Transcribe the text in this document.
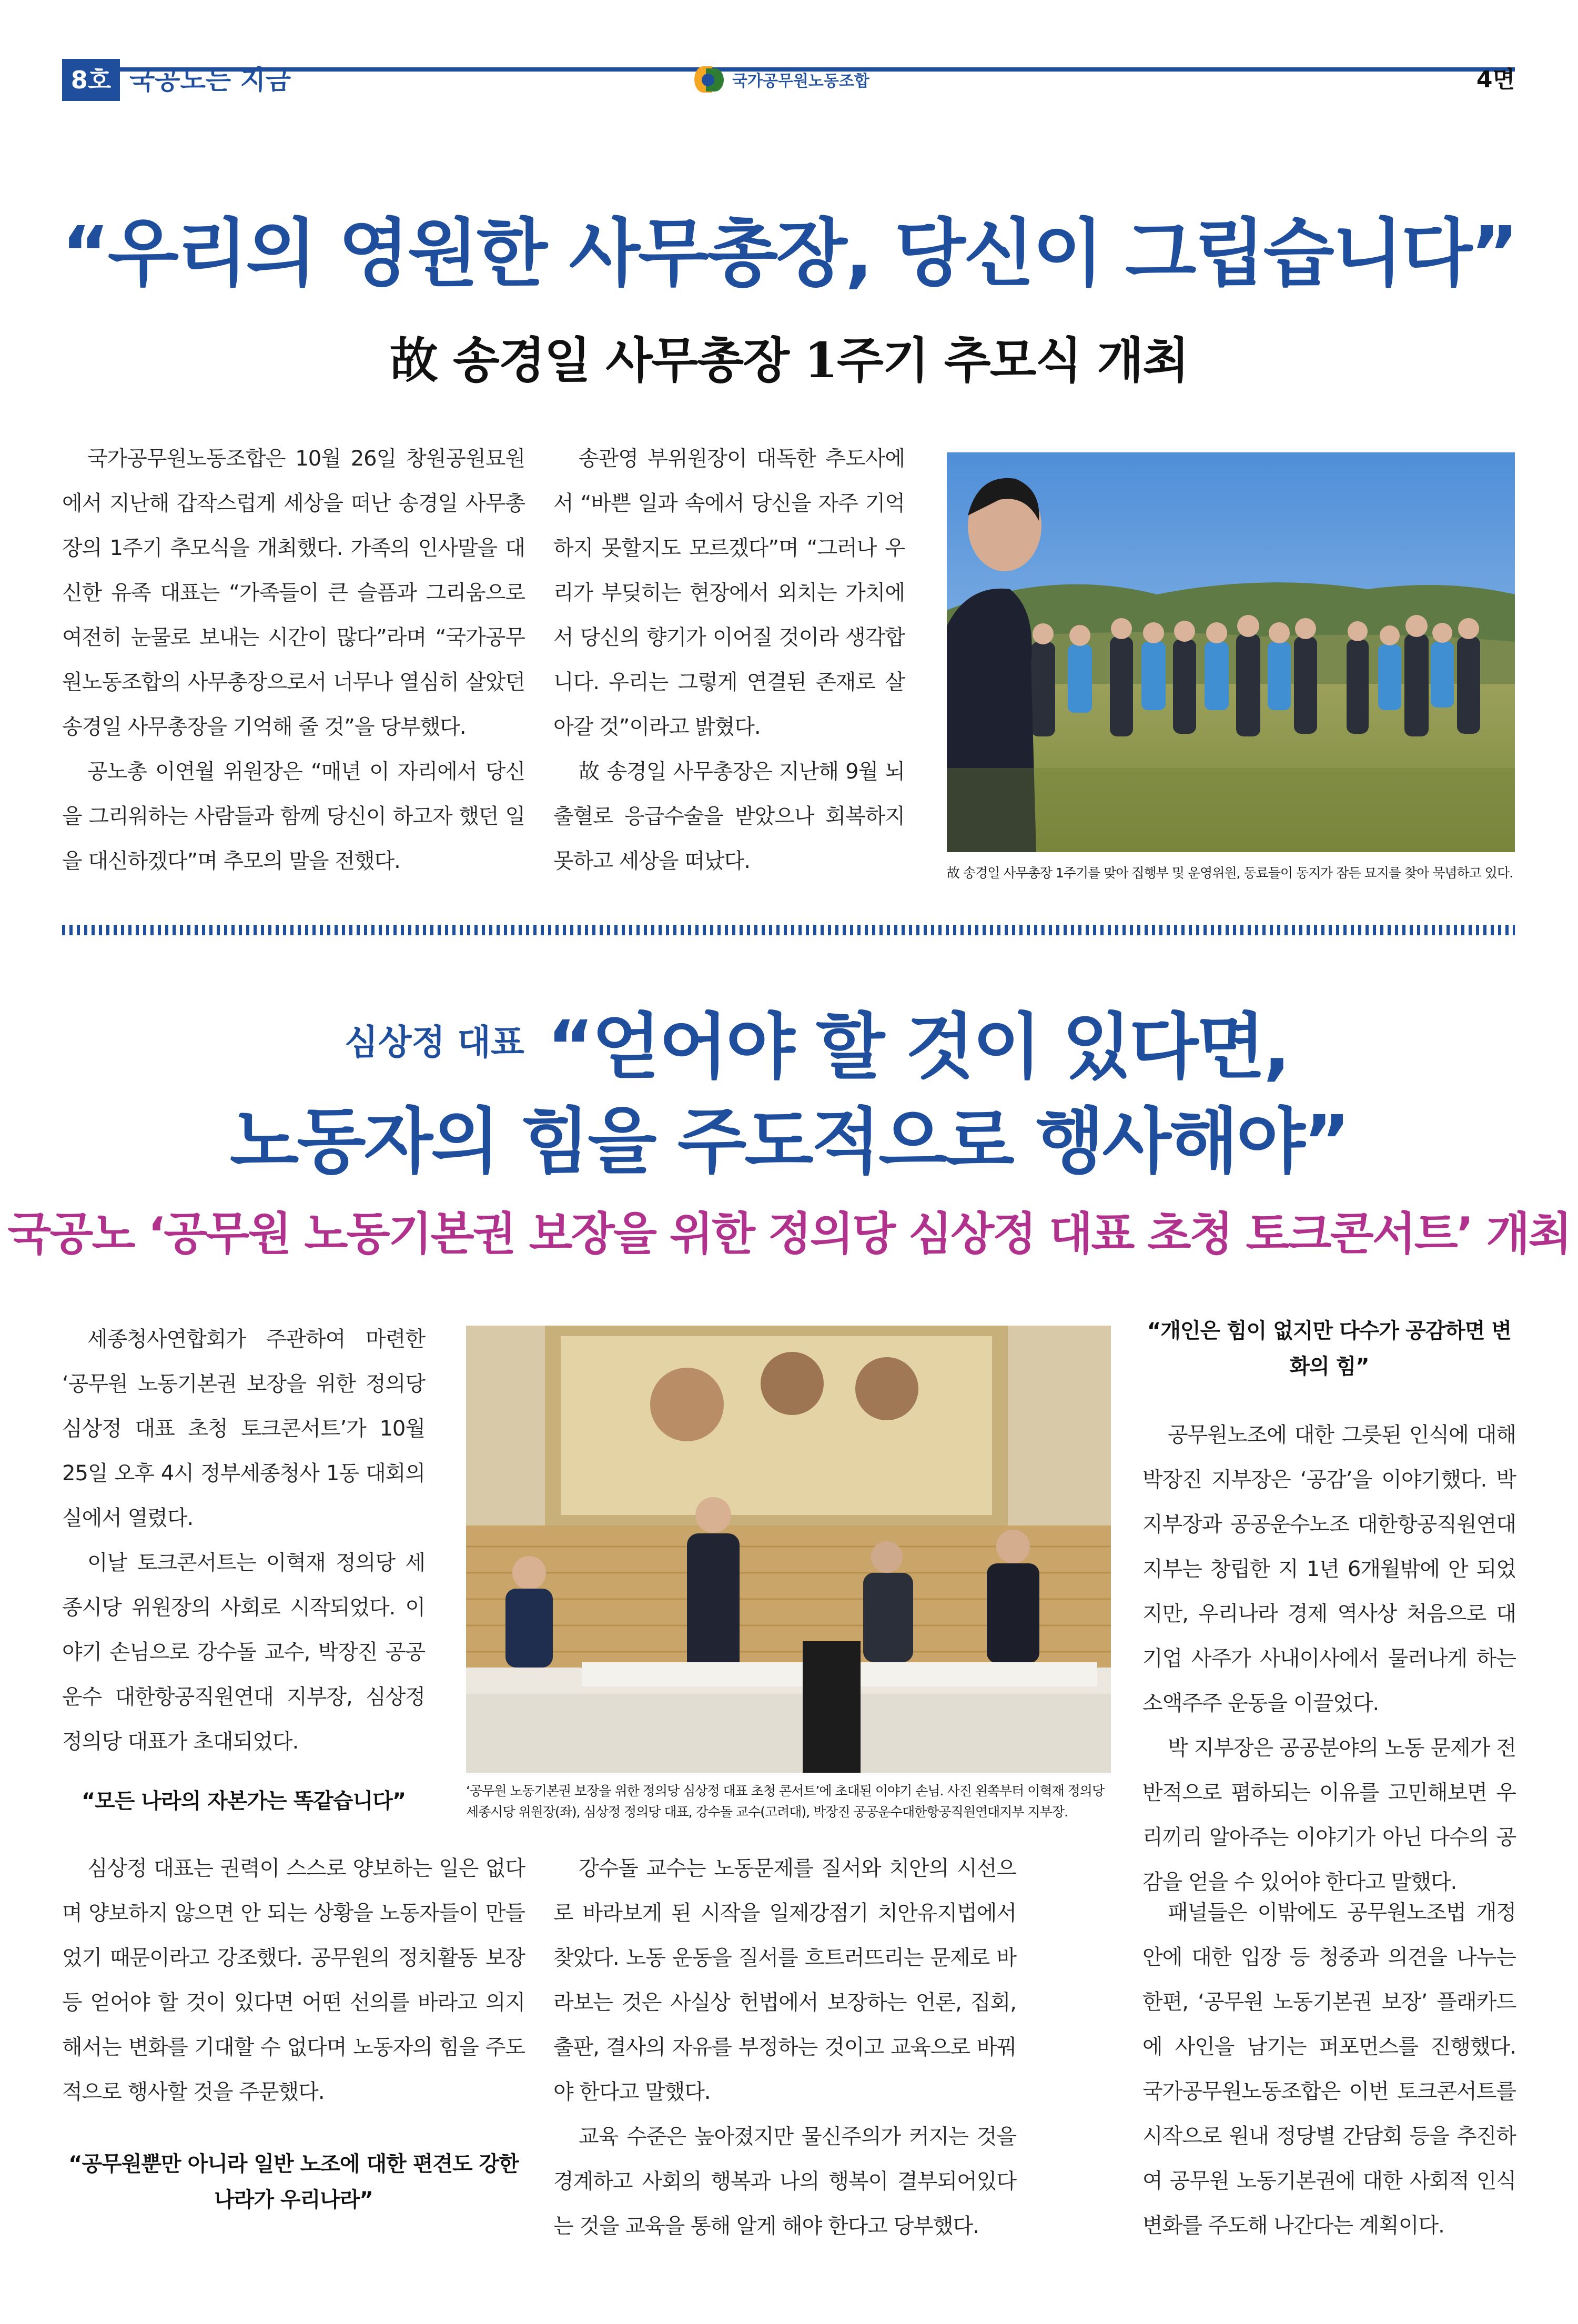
8호 국공노는 지금	국가공무원노동조합	4면
“우리의 영원한 사무총장, 당신이 그립습니다”
故 송경일 사무총장 1주기 추모식 개최

국가공무원노동조합은 10월 26일 창원공원묘원에서 지난해 갑작스럽게 세상을 떠난 송경일 사무총장의 1주기 추모식을 개최했다. 가족의 인사말을 대신한 유족 대표는 “가족들이 큰 슬픔과 그리움으로 여전히 눈물로 보내는 시간이 많다”라며 “국가공무원노동조합의 사무총장으로서 너무나 열심히 살았던 송경일 사무총장을 기억해 줄 것”을 당부했다.

공노총 이연월 위원장은 “매년 이 자리에서 당신을 그리워하는 사람들과 함께 당신이 하고자 했던 일을 대신하겠다”며 추모의 말을 전했다.

송관영 부위원장이 대독한 추도사에서 “바쁜 일과 속에서 당신을 자주 기억하지 못할지도 모르겠다”며 “그러나 우리가 부딪히는 현장에서 외치는 가치에서 당신의 향기가 이어질 것이라 생각합니다. 우리는 그렇게 연결된 존재로 살아갈 것”이라고 밝혔다.

故 송경일 사무총장은 지난해 9월 뇌출혈로 응급수술을 받았으나 회복하지 못하고 세상을 떠났다.	故 송경일 사무총장 1주기를 맞아 집행부 및 운영위원, 동료들이 동지가 잠든 묘지를 찾아 묵념하고 있다.
심상정 대표 “얻어야 할 것이 있다면,
노동자의 힘을 주도적으로 행사해야”
국공노 ‘공무원 노동기본권 보장을 위한 정의당 심상정 대표 초청 토크콘서트’ 개최

세종청사연합회가 주관하여 마련한 ‘공무원 노동기본권 보장을 위한 정의당 심상정 대표 초청 토크콘서트’가 10월 25일 오후 4시 정부세종청사 1동 대회의실에서 열렸다.

이날 토크콘서트는 이혁재 정의당 세종시당 위원장의 사회로 시작되었다. 이야기 손님으로 강수돌 교수, 박장진 공공운수 대한항공직원연대 지부장, 심상정 정의당 대표가 초대되었다.

‘공무원 노동기본권 보장을 위한 정의당 심상정 대표 초청 콘서트’에 초대된 이야기 손님. 사진 왼쪽부터 이혁재 정의당 세종시당 위원장(좌), 심상정 정의당 대표, 강수돌 교수(고려대), 박장진 공공운수대한항공직원연대지부 지부장.
“모든 나라의 자본가는 똑같습니다”

심상정 대표는 권력이 스스로 양보하는 일은 없다며 양보하지 않으면 안 되는 상황을 노동자들이 만들었기 때문이라고 강조했다. 공무원의 정치활동 보장 등 얻어야 할 것이 있다면 어떤 선의를 바라고 의지해서는 변화를 기대할 수 없다며 노동자의 힘을 주도적으로 행사할 것을 주문했다.

“공무원뿐만 아니라 일반 노조에 대한 편견도 강한 나라가 우리나라”

강수돌 교수는 노동문제를 질서와 치안의 시선으로 바라보게 된 시작을 일제강점기 치안유지법에서 찾았다. 노동 운동을 질서를 흐트러뜨리는 문제로 바라보는 것은 사실상 헌법에서 보장하는 언론, 집회, 출판, 결사의 자유를 부정하는 것이고 교육으로 바꿔야 한다고 말했다.

교육 수준은 높아졌지만 물신주의가 커지는 것을 경계하고 사회의 행복과 나의 행복이 결부되어있다는 것을 교육을 통해 알게 해야 한다고 당부했다.

“개인은 힘이 없지만 다수가 공감하면 변화의 힘”

공무원노조에 대한 그릇된 인식에 대해 박장진 지부장은 ‘공감’을 이야기했다. 박 지부장과 공공운수노조 대한항공직원연대지부는 창립한 지 1년 6개월밖에 안 되었지만, 우리나라 경제 역사상 처음으로 대기업 사주가 사내이사에서 물러나게 하는 소액주주 운동을 이끌었다.

박 지부장은 공공분야의 노동 문제가 전반적으로 폄하되는 이유를 고민해보면 우리끼리 알아주는 이야기가 아닌 다수의 공감을 얻을 수 있어야 한다고 말했다.

패널들은 이밖에도 공무원노조법 개정안에 대한 입장 등 청중과 의견을 나누는 한편, ‘공무원 노동기본권 보장’ 플래카드에 사인을 남기는 퍼포먼스를 진행했다. 국가공무원노동조합은 이번 토크콘서트를 시작으로 원내 정당별 간담회 등을 추진하여 공무원 노동기본권에 대한 사회적 인식 변화를 주도해 나간다는 계획이다.
